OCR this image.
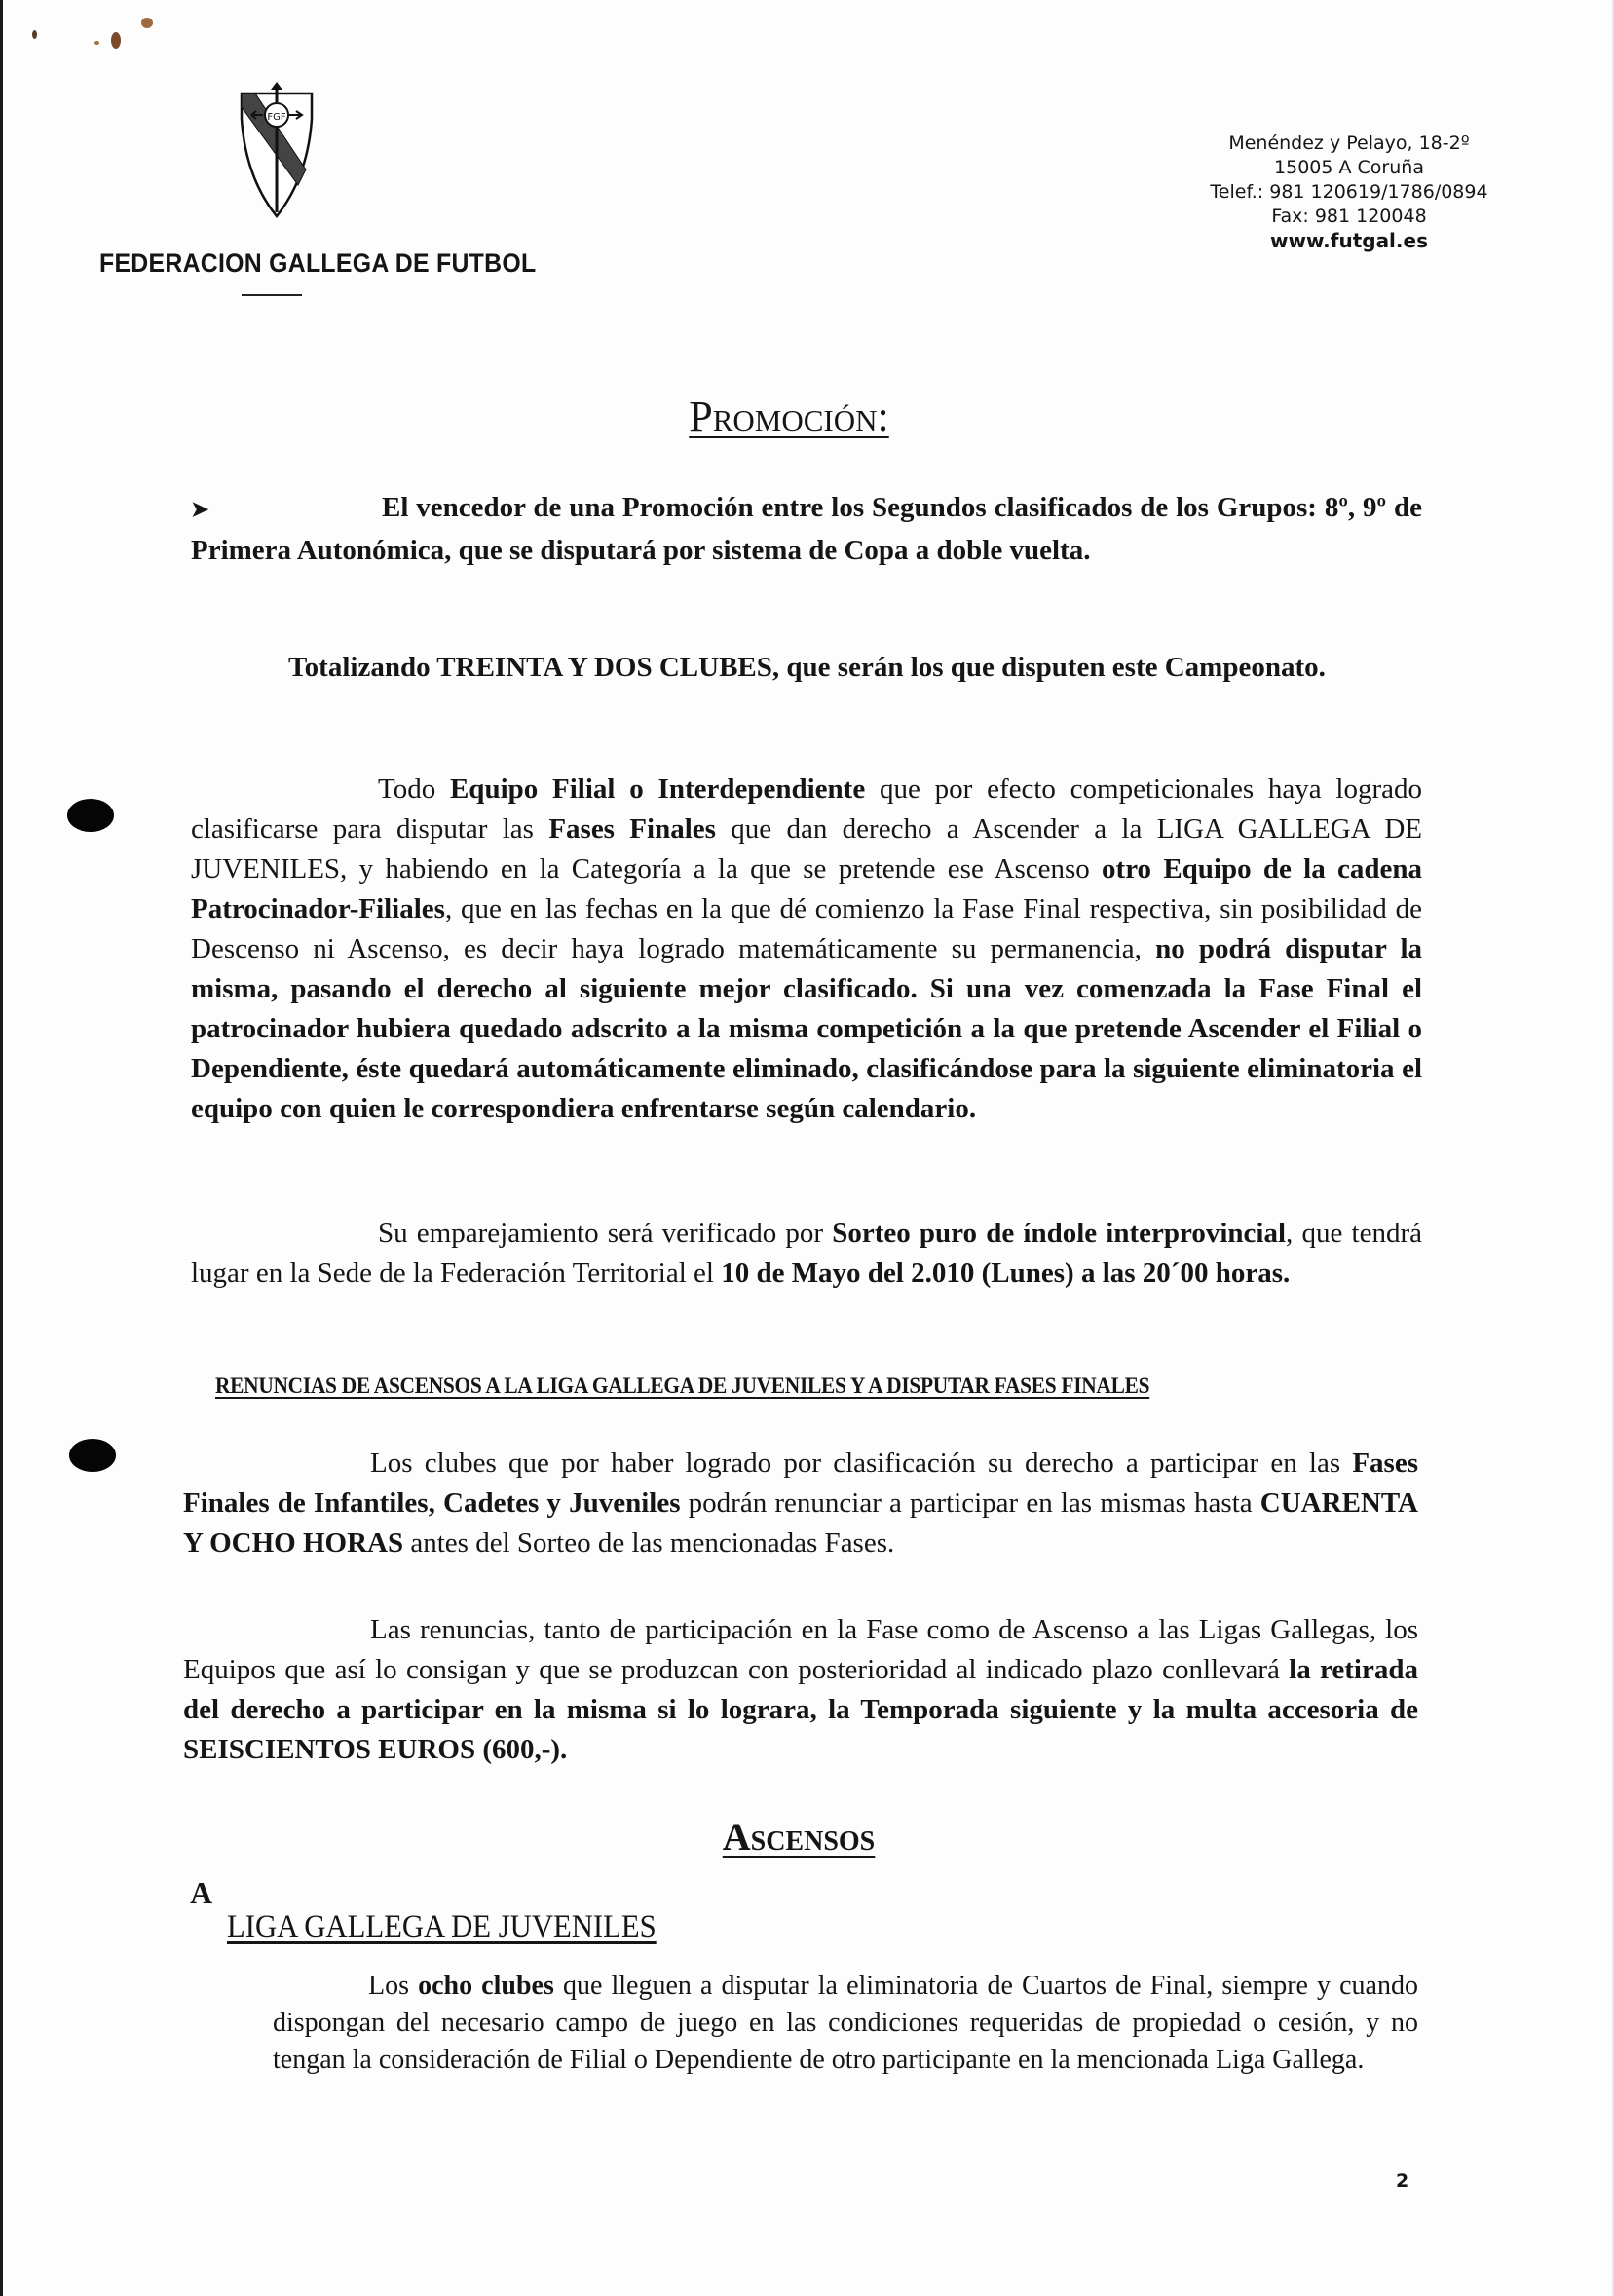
FGF
FEDERACION GALLEGA DE FUTBOL
Menéndez y Pelayo, 18-2º
15005 A Coruña
Telef.: 981 120619/1786/0894
Fax: 981 120048
www.futgal.es
Promoción:
➤	El vencedor de una Promoción entre los Segundos clasificados de los Grupos: 8º, 9º de Primera Autonómica, que se disputará por sistema de Copa a doble vuelta.
Totalizando TREINTA Y DOS CLUBES, que serán los que disputen este Campeonato.
Todo Equipo Filial o Interdependiente que por efecto competicionales haya logrado clasificarse para disputar las Fases Finales que dan derecho a Ascender a la LIGA GALLEGA DE JUVENILES, y habiendo en la Categoría a la que se pretende ese Ascenso otro Equipo de la cadena Patrocinador-Filiales, que en las fechas en la que dé comienzo la Fase Final respectiva, sin posibilidad de Descenso ni Ascenso, es decir haya logrado matemáticamente su permanencia, no podrá disputar la misma, pasando el derecho al siguiente mejor clasificado. Si una vez comenzada la Fase Final el patrocinador hubiera quedado adscrito a la misma competición a la que pretende Ascender el Filial o Dependiente, éste quedará automáticamente eliminado, clasificándose para la siguiente eliminatoria el equipo con quien le correspondiera enfrentarse según calendario.
Su emparejamiento será verificado por Sorteo puro de índole interprovincial, que tendrá lugar en la Sede de la Federación Territorial el 10 de Mayo del 2.010 (Lunes) a las 20´00 horas.
RENUNCIAS DE ASCENSOS A LA LIGA GALLEGA DE JUVENILES Y A DISPUTAR FASES FINALES
Los clubes que por haber logrado por clasificación su derecho a participar en las Fases Finales de Infantiles, Cadetes y Juveniles podrán renunciar a participar en las mismas hasta CUARENTA Y OCHO HORAS antes del Sorteo de las mencionadas Fases.
Las renuncias, tanto de participación en la Fase como de Ascenso a las Ligas Gallegas, los Equipos que así lo consigan y que se produzcan con posterioridad al indicado plazo conllevará la retirada del derecho a participar en la misma si lo lograra, la Temporada siguiente y la multa accesoria de SEISCIENTOS EUROS (600,-).
Ascensos
A
LIGA GALLEGA DE JUVENILES
Los ocho clubes que lleguen a disputar la eliminatoria de Cuartos de Final, siempre y cuando dispongan del necesario campo de juego en las condiciones requeridas de propiedad o cesión, y no tengan la consideración de Filial o Dependiente de otro participante en la mencionada Liga Gallega.
2
